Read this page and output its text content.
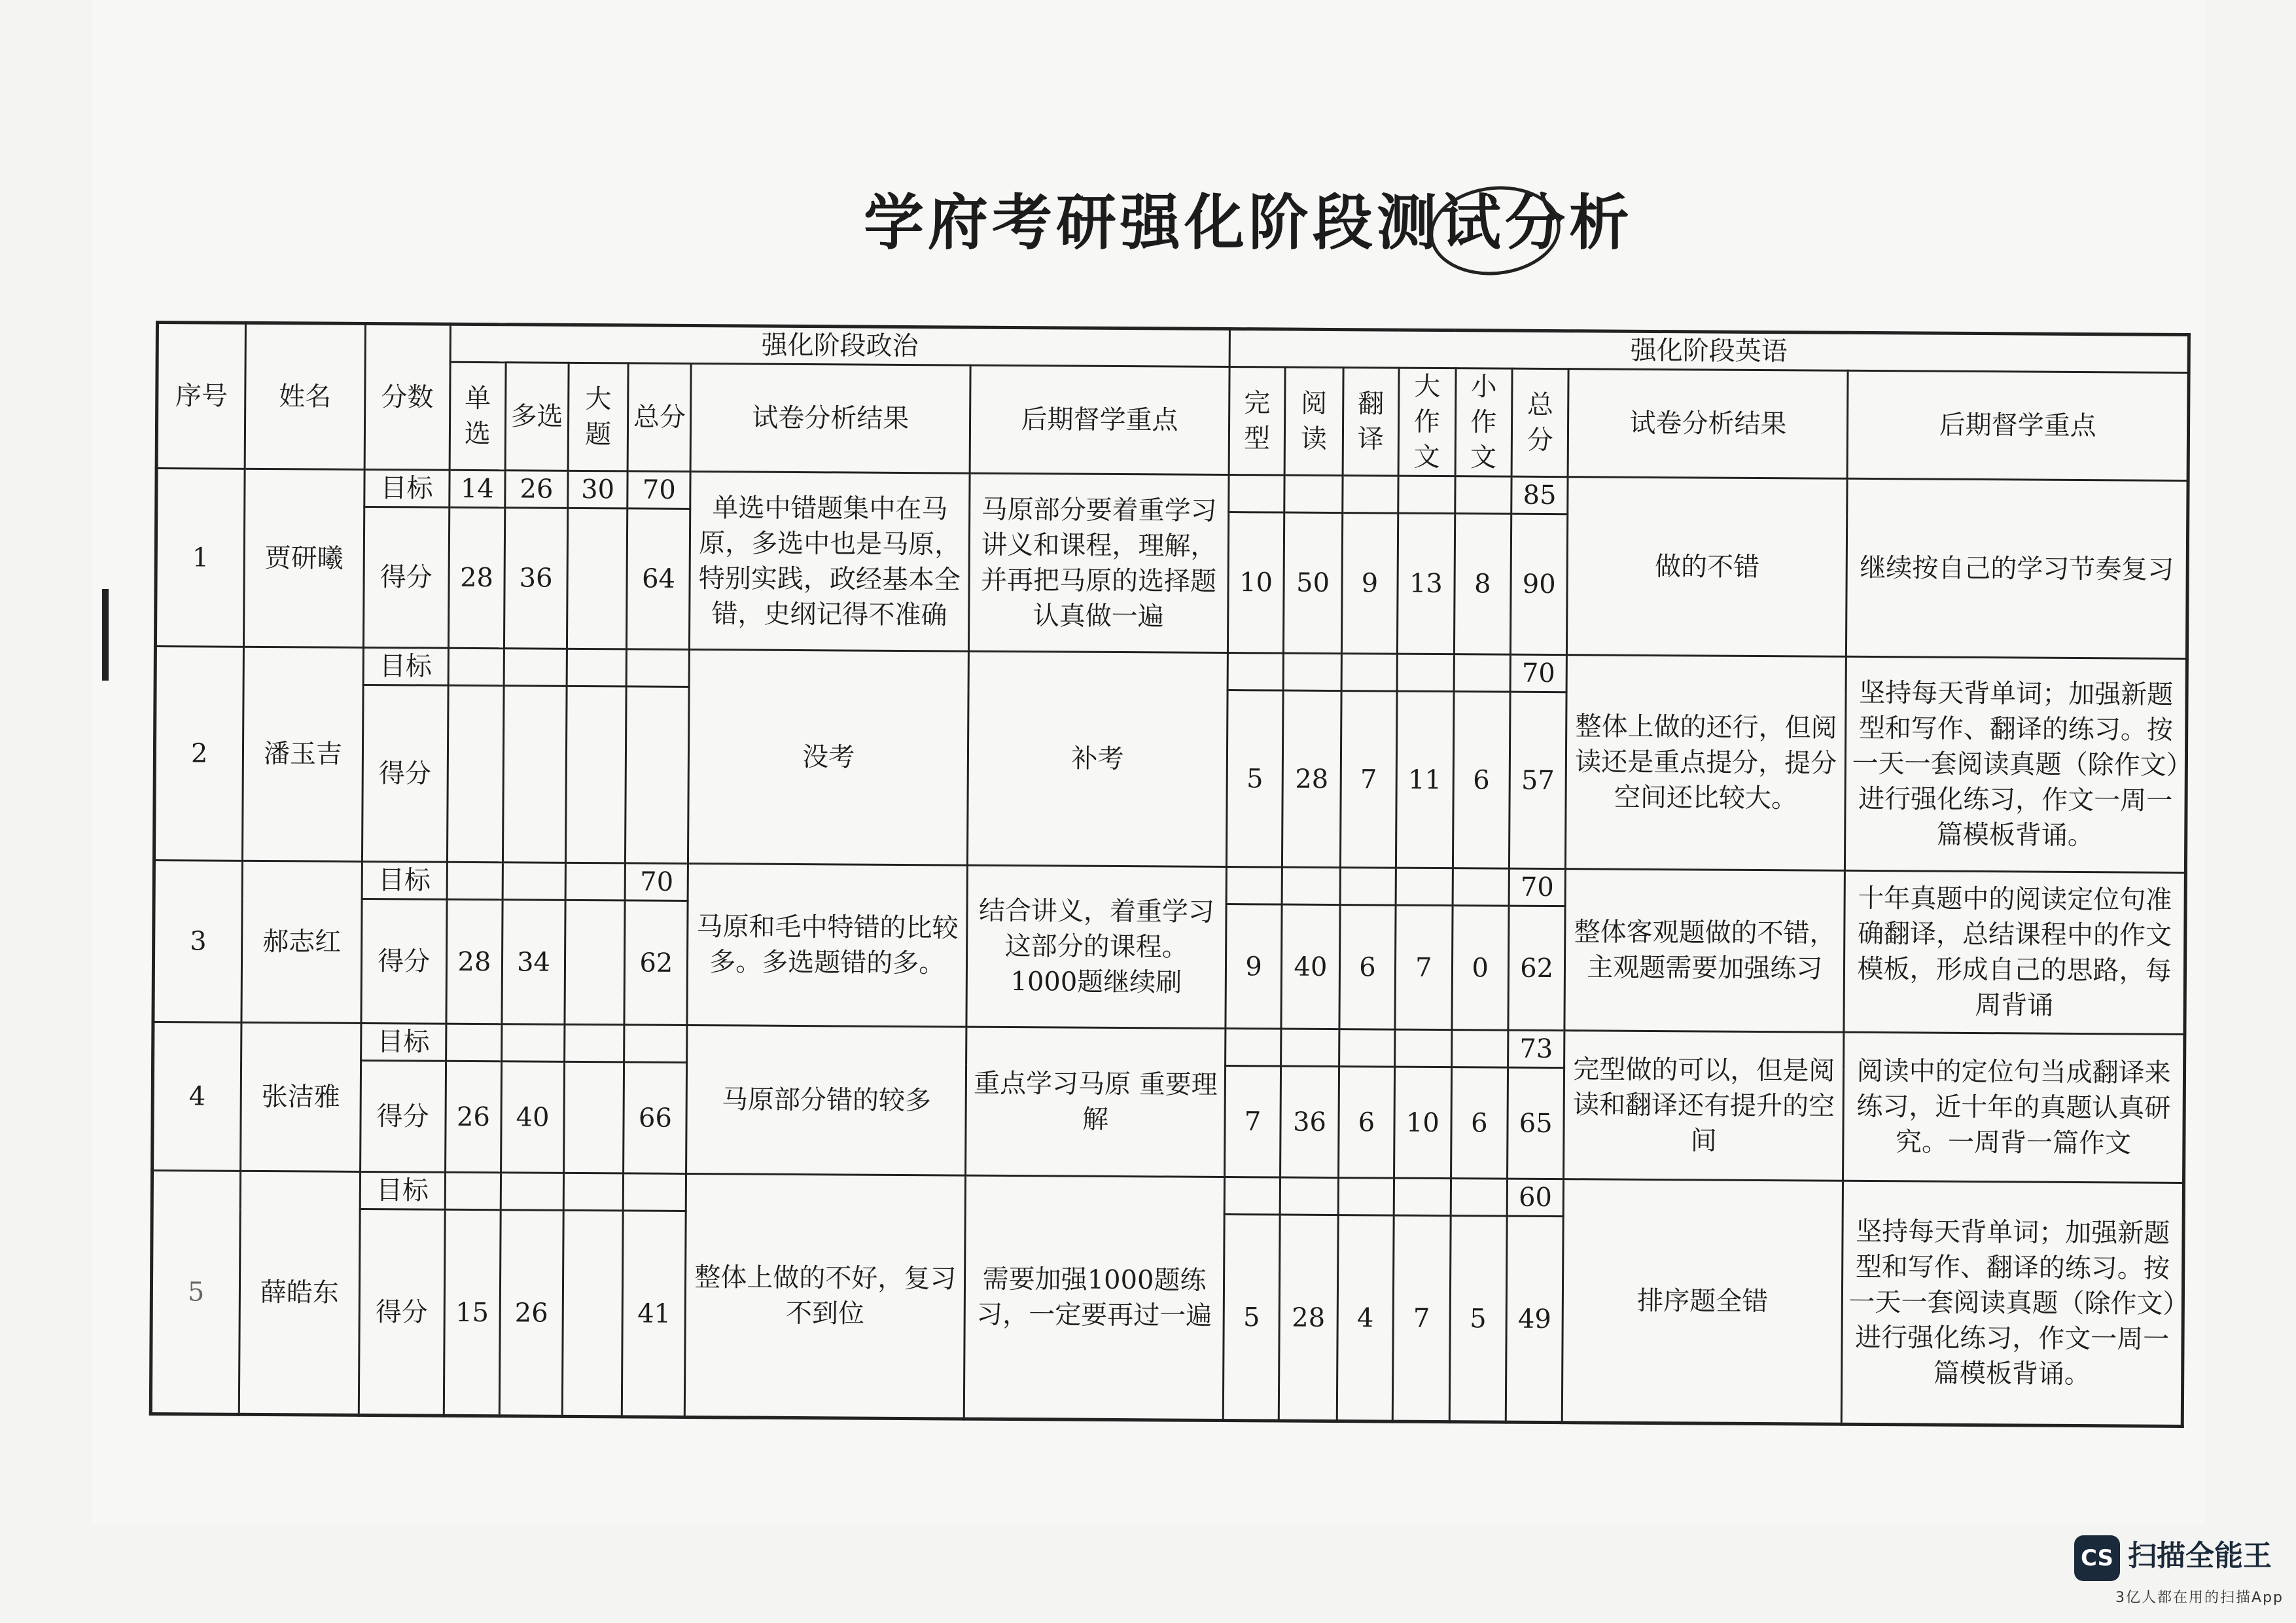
学府考研强化阶段测试分析
序号	姓名	分数	强化阶段政治						强化阶段英语							
			单选	多选	大题	总分	试卷分析结果	后期督学重点	完型	阅读	翻译	大作文	小作文	总分	试卷分析结果	后期督学重点
1	贾研曦	目标	14	26	30	70	单选中错题集中在马原，多选中也是马原，特别实践，政经基本全错，史纲记得不准确	马原部分要着重学习讲义和课程，理解，并再把马原的选择题认真做一遍						85	做的不错	继续按自己的学习节奏复习
		得分	28	36		64			10	50	9	13	8	90		
2	潘玉吉	目标					没考	补考						70	整体上做的还行，但阅读还是重点提分，提分空间还比较大。	坚持每天背单词；加强新题型和写作、翻译的练习。按一天一套阅读真题（除作文）进行强化练习，作文一周一篇模板背诵。
		得分							5	28	7	11	6	57		
3	郝志红	目标				70	马原和毛中特错的比较多。多选题错的多。	结合讲义，着重学习这部分的课程。1000题继续刷						70	整体客观题做的不错，主观题需要加强练习	十年真题中的阅读定位句准确翻译，总结课程中的作文模板，形成自己的思路，每周背诵
		得分	28	34		62			9	40	6	7	0	62		
4	张洁雅	目标					马原部分错的较多	重点学习马原 重要理解						73	完型做的可以，但是阅读和翻译还有提升的空间	阅读中的定位句当成翻译来练习，近十年的真题认真研究。一周背一篇作文
		得分	26	40		66			7	36	6	10	6	65		
5	薛皓东	目标					整体上做的不好，复习不到位	需要加强1000题练习，一定要再过一遍						60	排序题全错	坚持每天背单词；加强新题型和写作、翻译的练习。按一天一套阅读真题（除作文）进行强化练习，作文一周一篇模板背诵。
		得分	15	26		41			5	28	4	7	5	49		
CS 扫描全能王
3亿人都在用的扫描App
